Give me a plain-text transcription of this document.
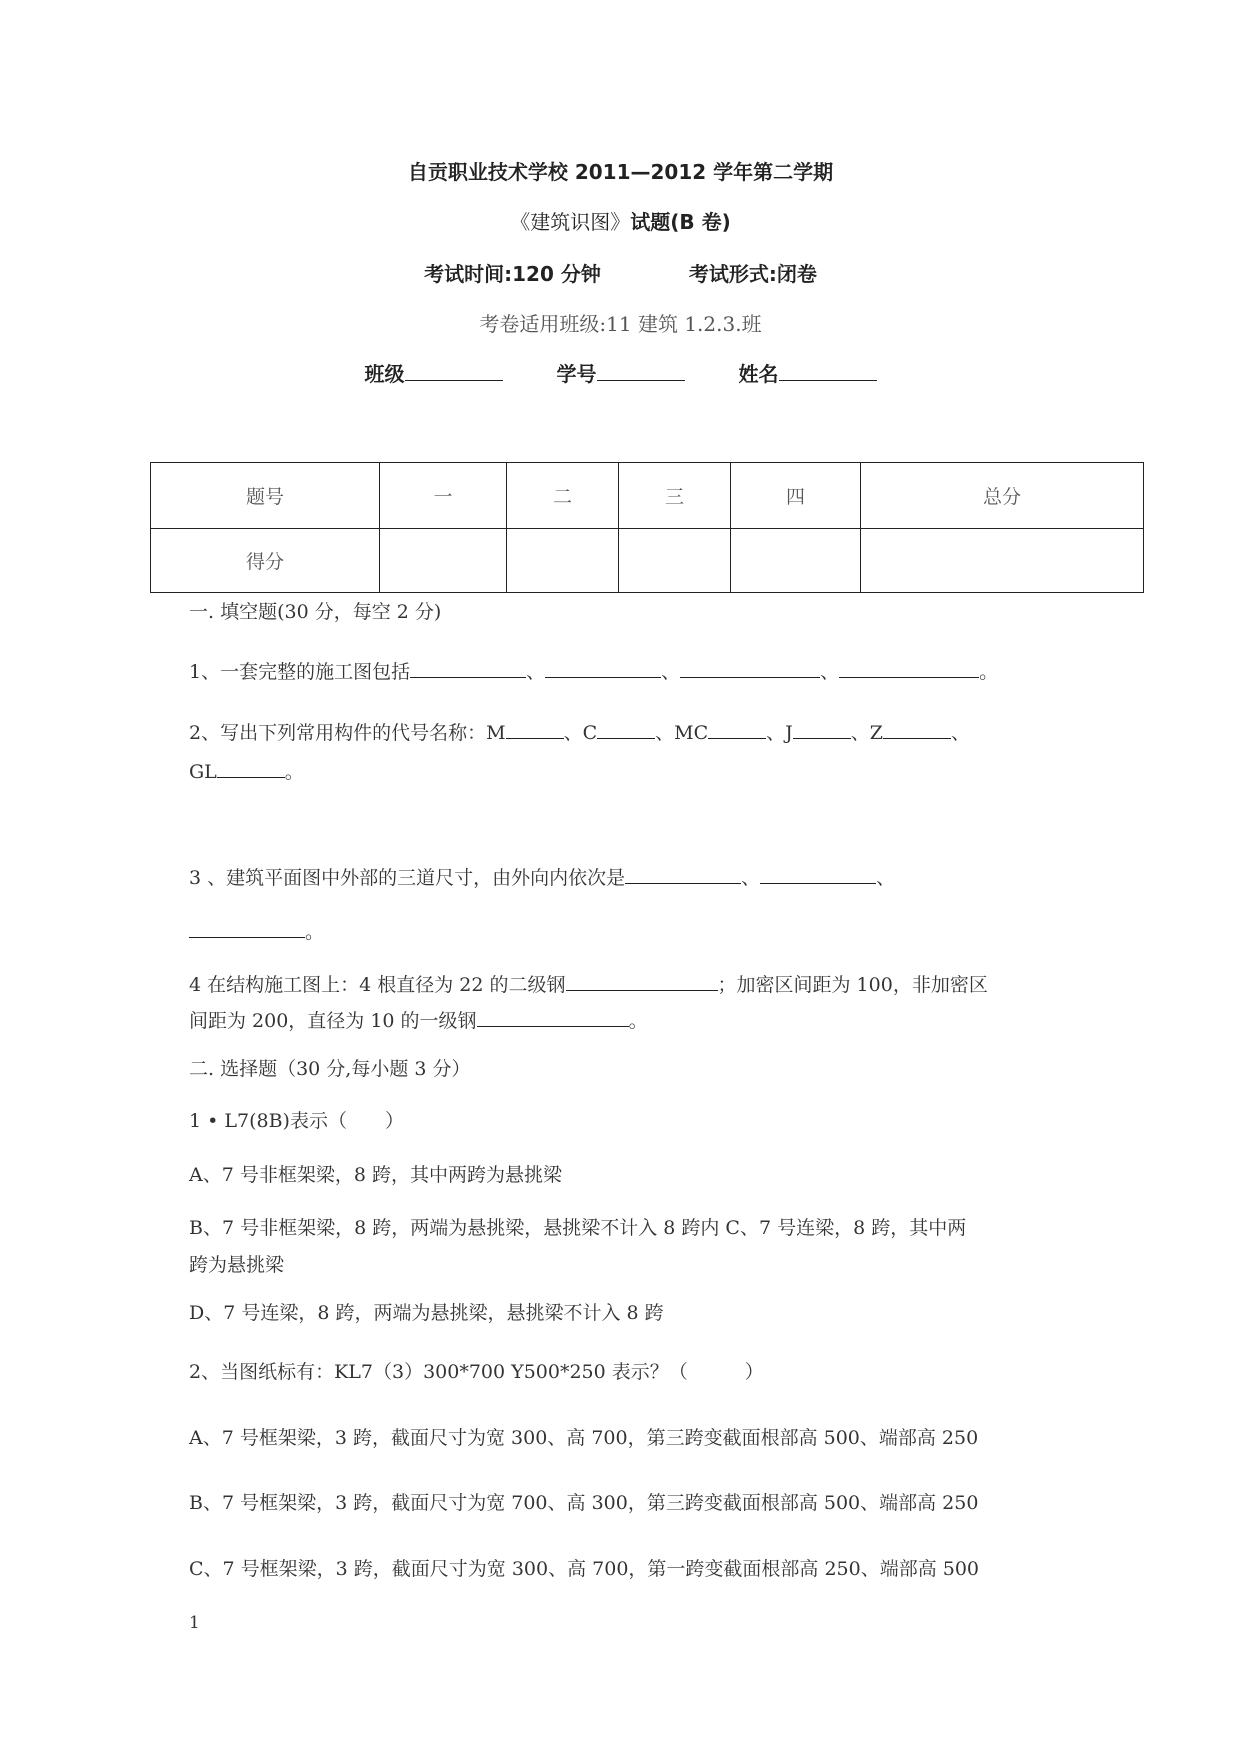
自贡职业技术学校 2011—2012 学年第二学期
《建筑识图》试题(B 卷)
考试时间:120 分钟	考试形式:闭卷
考卷适用班级:11 建筑 1.2.3.班
班级	学号	姓名
题号	一	二	三	四	总分
得分					
一. 填空题(30 分，每空 2 分)
1、一套完整的施工图包括	、	、	、	。
2、写出下列常用构件的代号名称：M	、C	、MC	、J	、Z	、
GL	。
3 、建筑平面图中外部的三道尺寸，由外向内依次是	、	、
。
4 在结构施工图上：4 根直径为 22 的二级钢	；加密区间距为 100，非加密区
间距为 200，直径为 10 的一级钢	。
二. 选择题（30 分,每小题 3 分）
1 • L7(8B)表示（　　）
A、7 号非框架梁，8 跨，其中两跨为悬挑梁
B、7 号非框架梁，8 跨，两端为悬挑梁，悬挑梁不计入 8 跨内 C、7 号连梁，8 跨，其中两
跨为悬挑梁
D、7 号连梁，8 跨，两端为悬挑梁，悬挑梁不计入 8 跨
2、当图纸标有：KL7（3）300*700 Y500*250 表示？（　　　）
A、7 号框架梁，3 跨，截面尺寸为宽 300、高 700，第三跨变截面根部高 500、端部高 250
B、7 号框架梁，3 跨，截面尺寸为宽 700、高 300，第三跨变截面根部高 500、端部高 250
C、7 号框架梁，3 跨，截面尺寸为宽 300、高 700，第一跨变截面根部高 250、端部高 500
1
